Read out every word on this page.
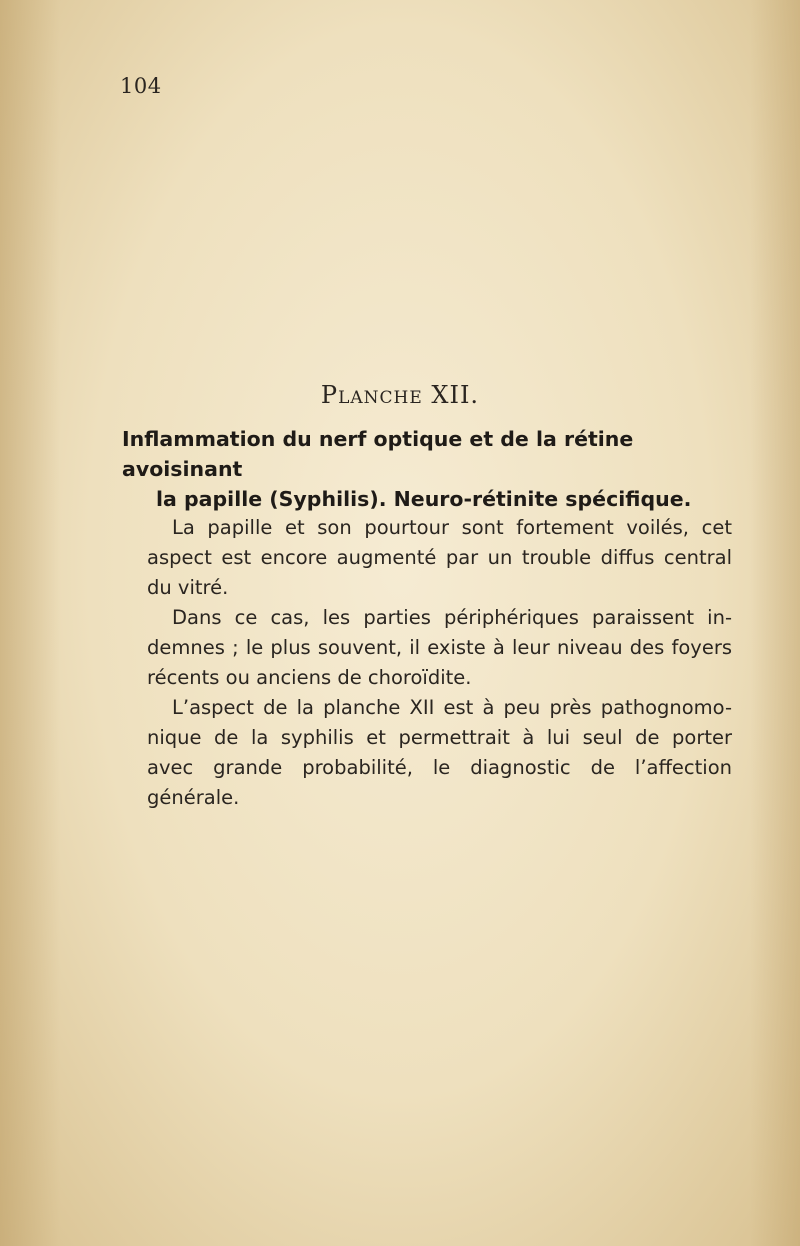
104
Planche XII.
Inflammation du nerf optique et de la rétine avoisinant
la papille (Syphilis). Neuro-rétinite spécifique.
La papille et son pourtour sont fortement voilés, cet
aspect est encore augmenté par un trouble diffus central
du vitré.
Dans ce cas, les parties périphériques paraissent in-
demnes ; le plus souvent, il existe à leur niveau des foyers
récents ou anciens de choroïdite.
L’aspect de la planche XII est à peu près pathognomo-
nique de la syphilis et permettrait à lui seul de porter
avec grande probabilité, le diagnostic de l’affection
générale.
